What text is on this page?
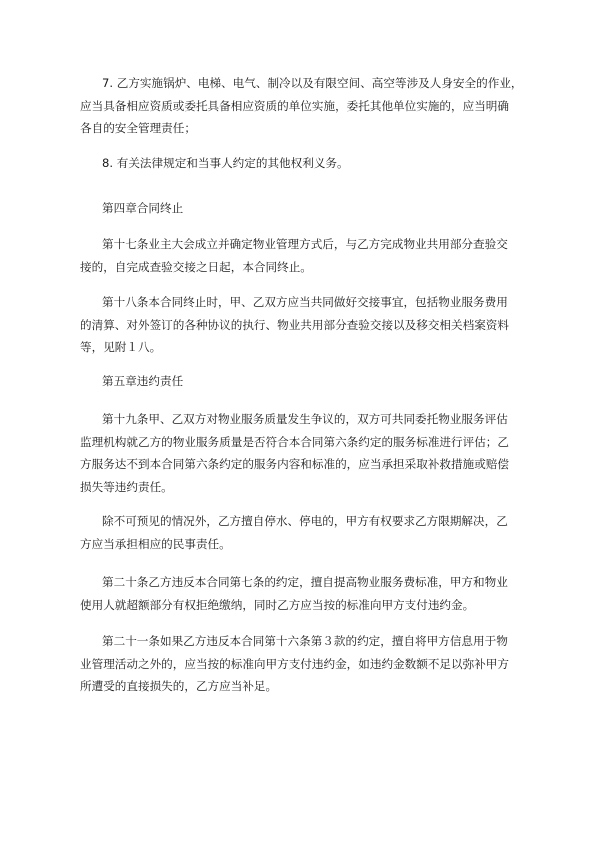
7. 乙方实施锅炉、电梯、电气、制冷以及有限空间、高空等涉及人身安全的作业，
应当具备相应资质或委托具备相应资质的单位实施，委托其他单位实施的，应当明确
各自的安全管理责任；
8. 有关法律规定和当事人约定的其他权利义务。
第四章合同终止
第十七条业主大会成立并确定物业管理方式后，与乙方完成物业共用部分查验交
接的，自完成查验交接之日起，本合同终止。
第十八条本合同终止时，甲、乙双方应当共同做好交接事宜，包括物业服务费用
的清算、对外签订的各种协议的执行、物业共用部分查验交接以及移交相关档案资料
等，见附１八。
第五章违约责任
第十九条甲、乙双方对物业服务质量发生争议的，双方可共同委托物业服务评估
监理机构就乙方的物业服务质量是否符合本合同第六条约定的服务标准进行评估；乙
方服务达不到本合同第六条约定的服务内容和标准的，应当承担采取补救措施或赔偿
损失等违约责任。
除不可预见的情况外，乙方擅自停水、停电的，甲方有权要求乙方限期解决，乙
方应当承担相应的民事责任。
第二十条乙方违反本合同第七条的约定，擅自提高物业服务费标准，甲方和物业
使用人就超额部分有权拒绝缴纳，同时乙方应当按的标准向甲方支付违约金。
第二十一条如果乙方违反本合同第十六条第３款的约定，擅自将甲方信息用于物
业管理活动之外的，应当按的标准向甲方支付违约金，如违约金数额不足以弥补甲方
所遭受的直接损失的，乙方应当补足。
